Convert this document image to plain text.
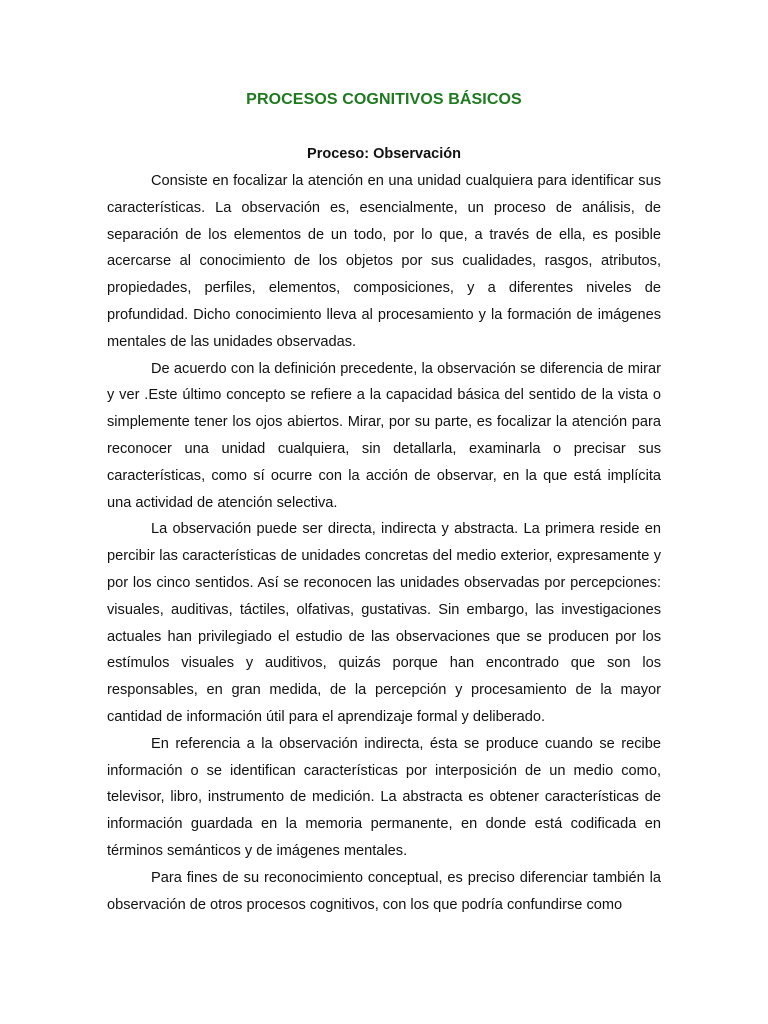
PROCESOS COGNITIVOS BÁSICOS
Proceso: Observación

Consiste en focalizar la atención en una unidad cualquiera para identificar sus características. La observación es, esencialmente, un proceso de análisis, de separación de los elementos de un todo, por lo que, a través de ella, es posible acercarse al conocimiento de los objetos por sus cualidades, rasgos, atributos, propiedades, perfiles, elementos, composiciones, y a diferentes niveles de profundidad. Dicho conocimiento lleva al procesamiento y la formación de imágenes mentales de las unidades observadas.

De acuerdo con la definición precedente, la observación se diferencia de mirar y ver .Este último concepto se refiere a la capacidad básica del sentido de la vista o simplemente tener los ojos abiertos. Mirar, por su parte, es focalizar la atención para reconocer una unidad cualquiera, sin detallarla, examinarla o precisar sus características, como sí ocurre con la acción de observar, en la que está implícita una actividad de atención selectiva.

La observación puede ser directa, indirecta y abstracta. La primera reside en percibir las características de unidades concretas del medio exterior, expresamente y por los cinco sentidos. Así se reconocen las unidades observadas por percepciones: visuales, auditivas, táctiles, olfativas, gustativas. Sin embargo, las investigaciones actuales han privilegiado el estudio de las observaciones que se producen por los estímulos visuales y auditivos, quizás porque han encontrado que son los responsables, en gran medida, de la percepción y procesamiento de la mayor cantidad de información útil para el aprendizaje formal y deliberado.

En referencia a la observación indirecta, ésta se produce cuando se recibe información o se identifican características por interposición de un medio como, televisor, libro, instrumento de medición. La abstracta es obtener características de información guardada en la memoria permanente, en donde está codificada en términos semánticos y de imágenes mentales.

Para fines de su reconocimiento conceptual, es preciso diferenciar también la observación de otros procesos cognitivos, con los que podría confundirse como
